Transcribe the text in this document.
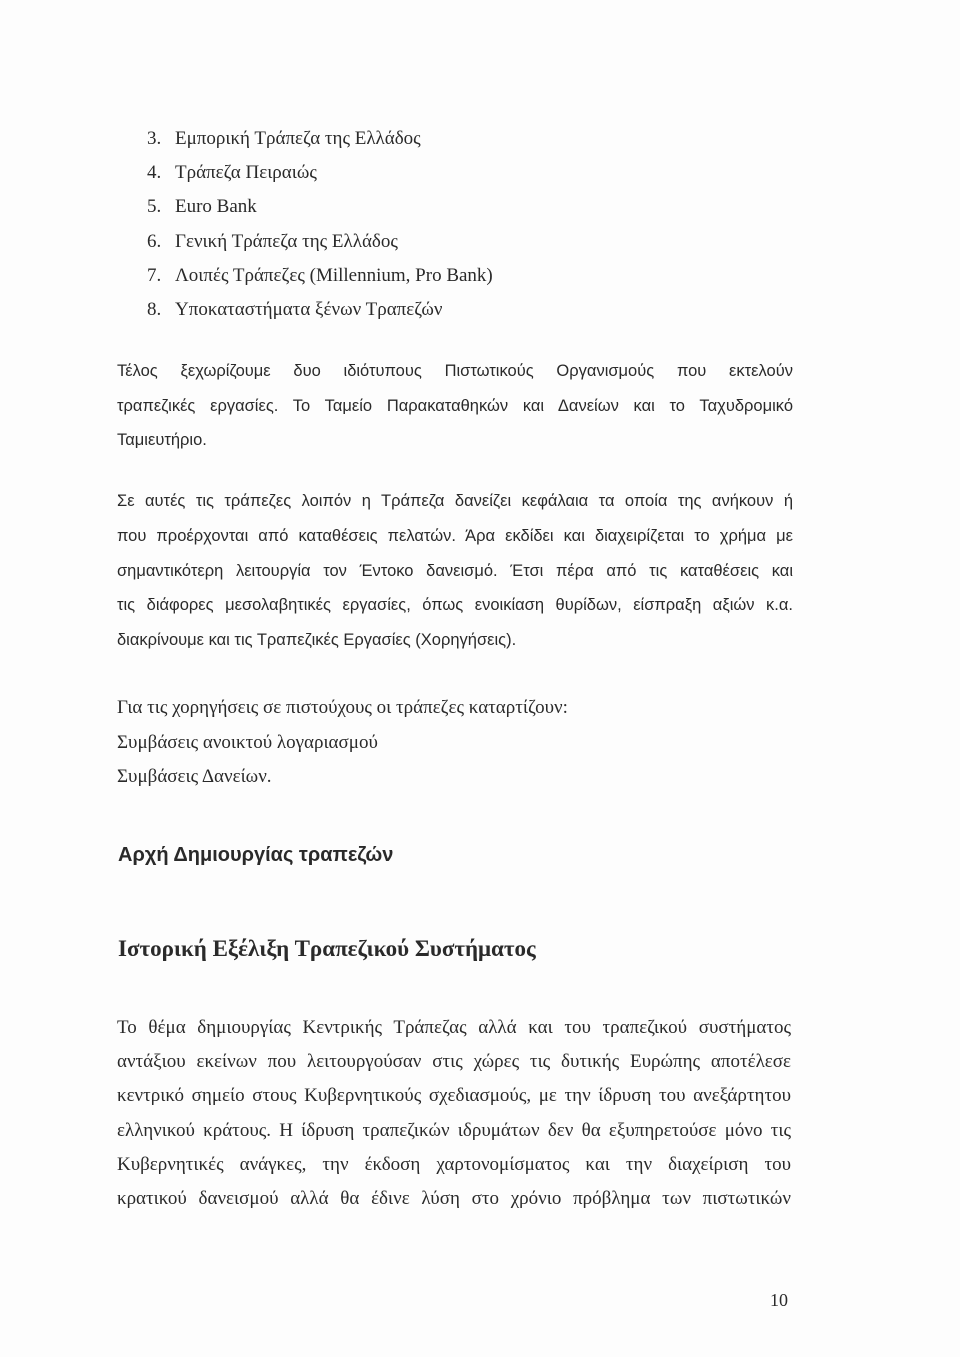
3. Εμπορική Τράπεζα της Ελλάδος
4. Τράπεζα Πειραιώς
5. Euro Bank
6. Γενική Τράπεζα της Ελλάδος
7. Λοιπές Τράπεζες (Millennium, Pro Bank)
8. Υποκαταστήματα ξένων Τραπεζών
Τέλος ξεχωρίζουμε δυο ιδιότυπους Πιστωτικούς Οργανισμούς που εκτελούν
τραπεζικές εργασίες. Το Ταμείο Παρακαταθηκών και Δανείων και το Ταχυδρομικό
Ταμιευτήριο.
Σε αυτές τις τράπεζες λοιπόν η Τράπεζα δανείζει κεφάλαια τα οποία της ανήκουν ή
που προέρχονται από καταθέσεις πελατών. Άρα εκδίδει και διαχειρίζεται το χρήμα με
σημαντικότερη λειτουργία τον Έντοκο δανεισμό. Έτσι πέρα από τις καταθέσεις και
τις διάφορες μεσολαβητικές εργασίες, όπως ενοικίαση θυρίδων, είσπραξη αξιών κ.α.
διακρίνουμε και τις Τραπεζικές Εργασίες (Χορηγήσεις).
Για τις χορηγήσεις σε πιστούχους οι τράπεζες καταρτίζουν:
Συμβάσεις ανοικτού λογαριασμού
Συμβάσεις Δανείων.
Αρχή Δημιουργίας τραπεζών
Ιστορική Εξέλιξη Τραπεζικού Συστήματος
Το θέμα δημιουργίας Κεντρικής Τράπεζας αλλά και του τραπεζικού συστήματος
αντάξιου εκείνων που λειτουργούσαν στις χώρες τις δυτικής Ευρώπης αποτέλεσε
κεντρικό σημείο στους Κυβερνητικούς σχεδιασμούς, με την ίδρυση του ανεξάρτητου
ελληνικού κράτους. Η ίδρυση τραπεζικών ιδρυμάτων δεν θα εξυπηρετούσε μόνο τις
Κυβερνητικές ανάγκες, την έκδοση χαρτονομίσματος και την διαχείριση του
κρατικού δανεισμού αλλά θα έδινε λύση στο χρόνιο πρόβλημα των πιστωτικών
10
